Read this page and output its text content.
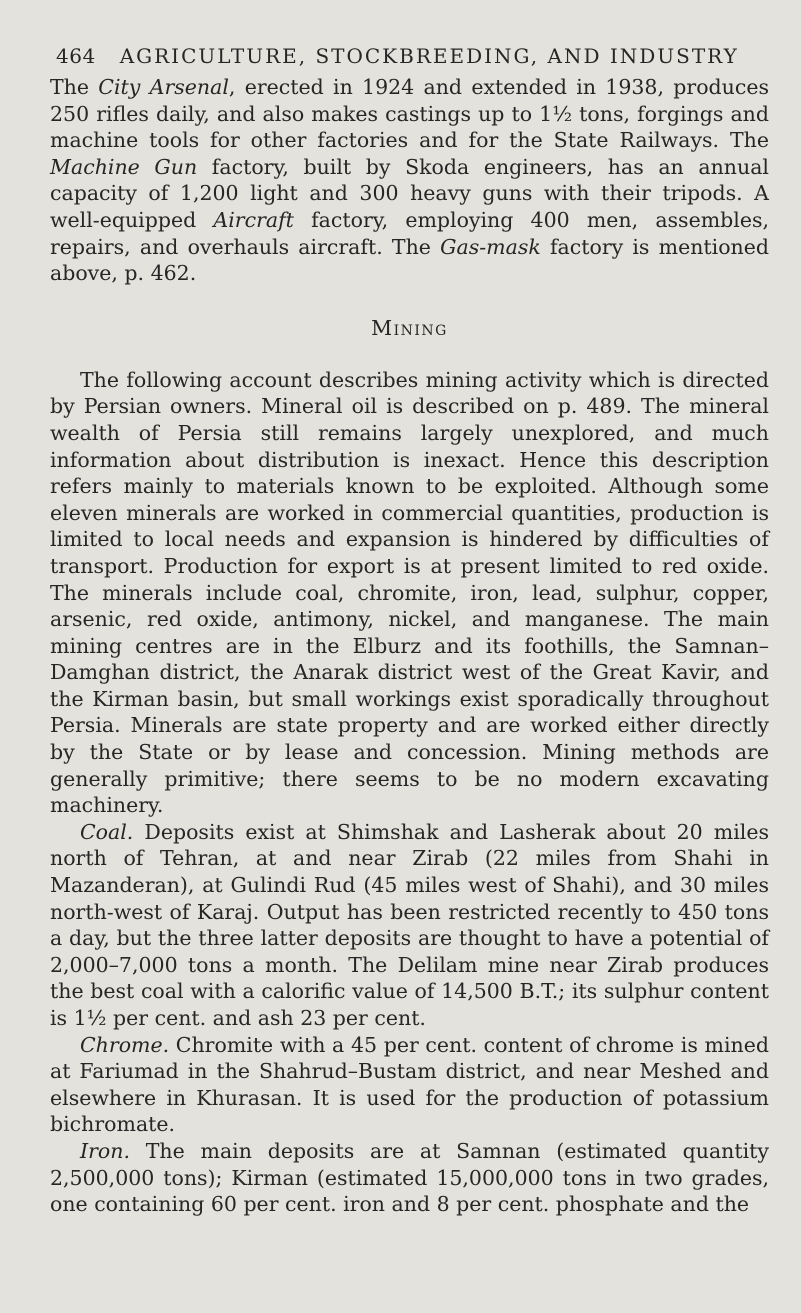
464 AGRICULTURE, STOCKBREEDING, AND INDUSTRY

The City Arsenal, erected in 1924 and extended in 1938, produces 250 rifles daily, and also makes castings up to 1½ tons, forgings and machine tools for other factories and for the State Railways. The Machine Gun factory, built by Skoda engineers, has an annual capacity of 1,200 light and 300 heavy guns with their tripods. A well-equipped Aircraft factory, employing 400 men, assembles, repairs, and overhauls aircraft. The Gas-mask factory is mentioned above, p. 462.

Mining

The following account describes mining activity which is directed by Persian owners. Mineral oil is described on p. 489. The mineral wealth of Persia still remains largely unexplored, and much information about distribution is inexact. Hence this description refers mainly to materials known to be exploited. Although some eleven minerals are worked in commercial quantities, production is limited to local needs and expansion is hindered by difficulties of transport. Production for export is at present limited to red oxide. The minerals include coal, chromite, iron, lead, sulphur, copper, arsenic, red oxide, antimony, nickel, and manganese. The main mining centres are in the Elburz and its foothills, the Samnan–Damghan district, the Anarak district west of the Great Kavir, and the Kirman basin, but small workings exist sporadically throughout Persia. Minerals are state property and are worked either directly by the State or by lease and concession. Mining methods are generally primitive; there seems to be no modern excavating machinery.

Coal. Deposits exist at Shimshak and Lasherak about 20 miles north of Tehran, at and near Zirab (22 miles from Shahi in Mazanderan), at Gulindi Rud (45 miles west of Shahi), and 30 miles north-west of Karaj. Output has been restricted recently to 450 tons a day, but the three latter deposits are thought to have a potential of 2,000–7,000 tons a month. The Delilam mine near Zirab produces the best coal with a calorific value of 14,500 B.T.; its sulphur content is 1½ per cent. and ash 23 per cent.

Chrome. Chromite with a 45 per cent. content of chrome is mined at Fariumad in the Shahrud–Bustam district, and near Meshed and elsewhere in Khurasan. It is used for the production of potassium bichromate.

Iron. The main deposits are at Samnan (estimated quantity 2,500,000 tons); Kirman (estimated 15,000,000 tons in two grades, one containing 60 per cent. iron and 8 per cent. phosphate and the
